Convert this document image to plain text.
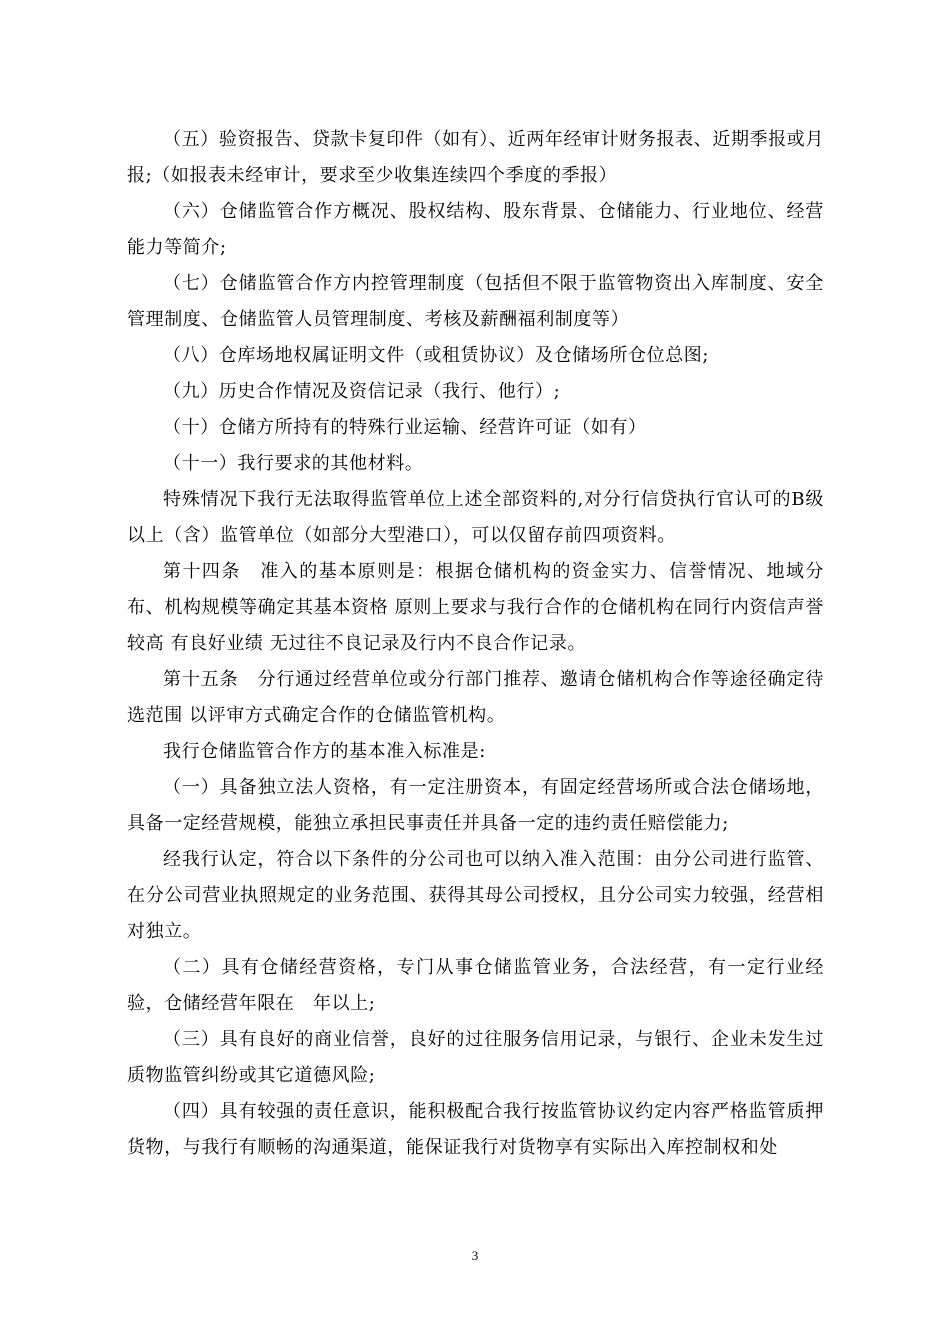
（五）验资报告、贷款卡复印件（如有）、近两年经审计财务报表、近期季报或月报;（如报表未经审计，要求至少收集连续四个季度的季报）

（六）仓储监管合作方概况、股权结构、股东背景、仓储能力、行业地位、经营能力等简介;

（七）仓储监管合作方内控管理制度（包括但不限于监管物资出入库制度、安全管理制度、仓储监管人员管理制度、考核及薪酬福利制度等）

（八）仓库场地权属证明文件（或租赁协议）及仓储场所仓位总图;

（九）历史合作情况及资信记录（我行、他行）;

（十）仓储方所持有的特殊行业运输、经营许可证（如有）

（十一）我行要求的其他材料。

特殊情况下我行无法取得监管单位上述全部资料的,对分行信贷执行官认可的B级以上（含）监管单位（如部分大型港口），可以仅留存前四项资料。

第十四条　准入的基本原则是：根据仓储机构的资金实力、信誉情况、地域分布、机构规模等确定其基本资格 原则上要求与我行合作的仓储机构在同行内资信声誉较高 有良好业绩 无过往不良记录及行内不良合作记录。

第十五条　分行通过经营单位或分行部门推荐、邀请仓储机构合作等途径确定待选范围 以评审方式确定合作的仓储监管机构。

我行仓储监管合作方的基本准入标准是:

（一）具备独立法人资格，有一定注册资本，有固定经营场所或合法仓储场地，具备一定经营规模，能独立承担民事责任并具备一定的违约责任赔偿能力;

经我行认定，符合以下条件的分公司也可以纳入准入范围：由分公司进行监管、在分公司营业执照规定的业务范围、获得其母公司授权，且分公司实力较强，经营相对独立。

（二）具有仓储经营资格，专门从事仓储监管业务，合法经营，有一定行业经验，仓储经营年限在　年以上;

（三）具有良好的商业信誉，良好的过往服务信用记录，与银行、企业未发生过质物监管纠纷或其它道德风险;

（四）具有较强的责任意识，能积极配合我行按监管协议约定内容严格监管质押货物，与我行有顺畅的沟通渠道，能保证我行对货物享有实际出入库控制权和处

3
